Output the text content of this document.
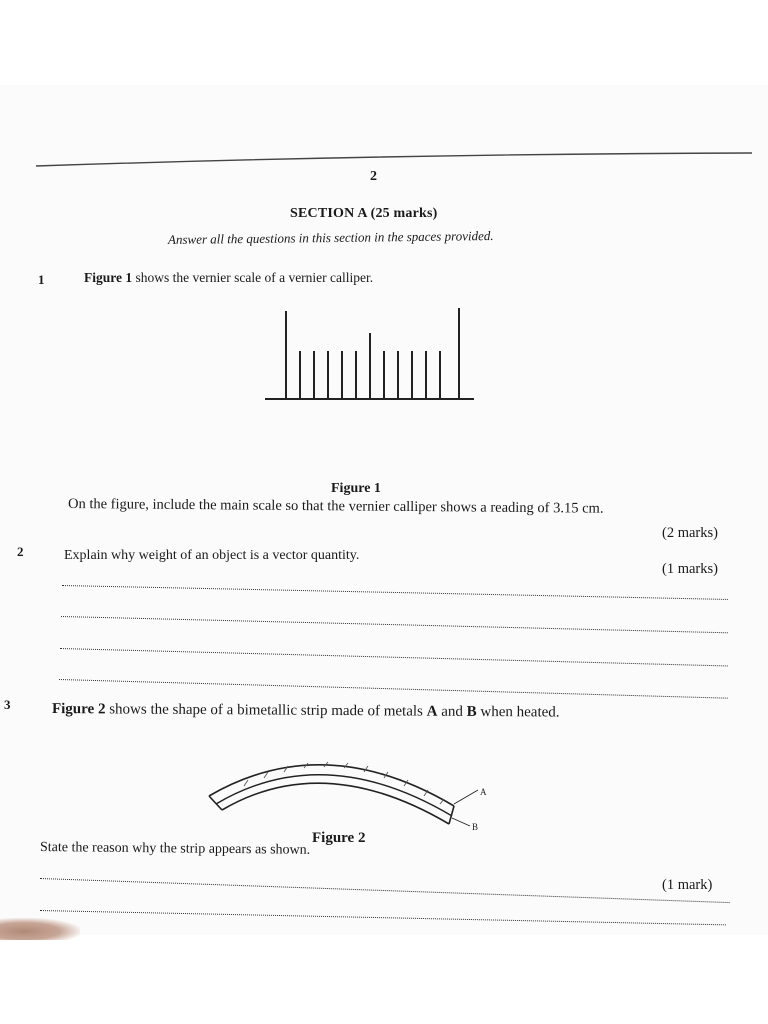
2
SECTION A (25 marks)
Answer all the questions in this section in the spaces provided.
1	Figure 1 shows the vernier scale of a vernier calliper.
Figure 1
On the figure, include the main scale so that the vernier calliper shows a reading of 3.15 cm.
(2 marks)
2	Explain why weight of an object is a vector quantity.
(1 marks)
3	Figure 2 shows the shape of a bimetallic strip made of metals A and B when heated.
A
B
Figure 2
State the reason why the strip appears as shown.
(1 mark)
